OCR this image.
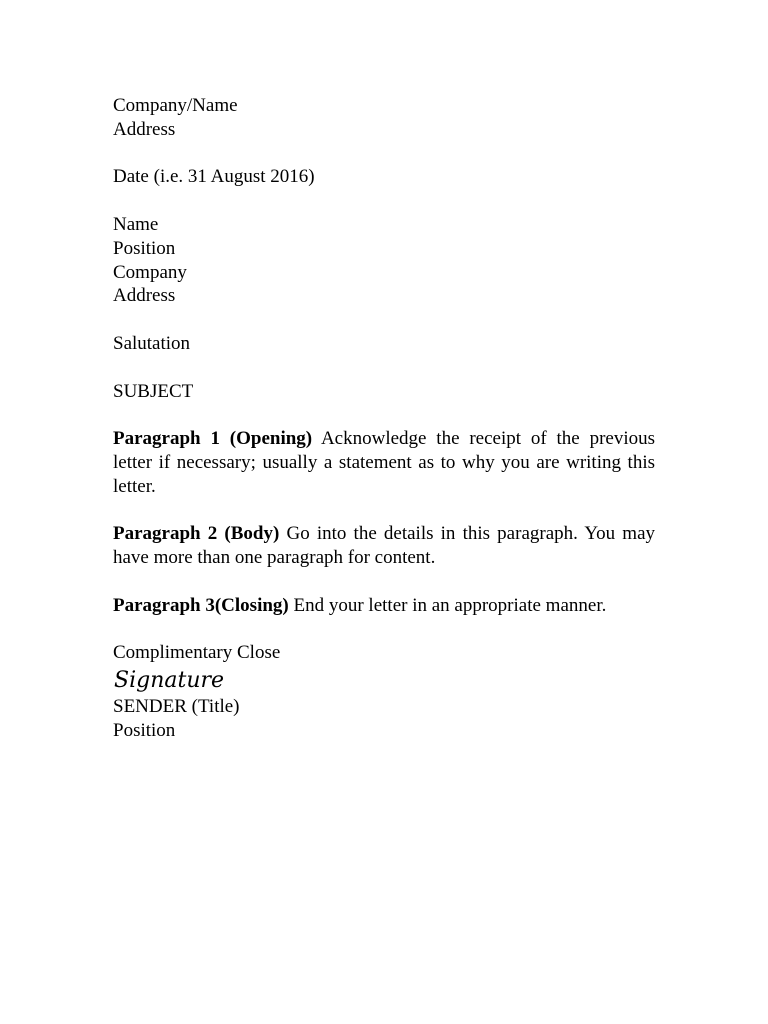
Company/Name
Address
Date (i.e. 31 August 2016)
Name
Position
Company
Address
Salutation
SUBJECT

Paragraph 1 (Opening) Acknowledge the receipt of the previous letter if necessary; usually a statement as to why you are writing this letter.

Paragraph 2 (Body) Go into the details in this paragraph. You may have more than one paragraph for content.

Paragraph 3(Closing) End your letter in an appropriate manner.

Complimentary Close
Signature
SENDER (Title)
Position
